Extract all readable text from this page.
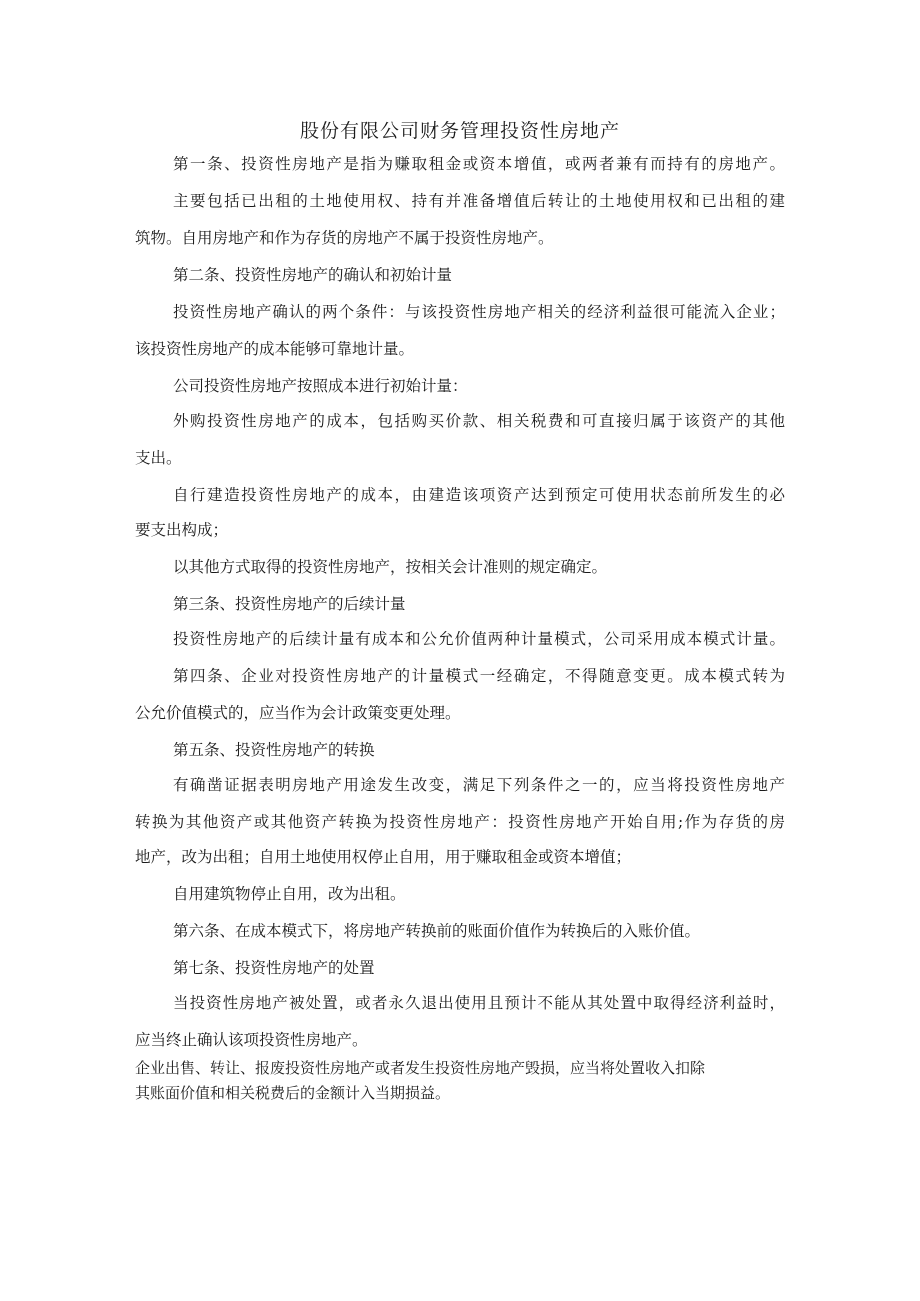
股份有限公司财务管理投资性房地产
第一条、投资性房地产是指为赚取租金或资本增值，或两者兼有而持有的房地产。
主要包括已出租的土地使用权、持有并准备增值后转让的土地使用权和已出租的建
筑物。自用房地产和作为存货的房地产不属于投资性房地产。
第二条、投资性房地产的确认和初始计量
投资性房地产确认的两个条件：与该投资性房地产相关的经济利益很可能流入企业；
该投资性房地产的成本能够可靠地计量。
公司投资性房地产按照成本进行初始计量：
外购投资性房地产的成本，包括购买价款、相关税费和可直接归属于该资产的其他
支出。
自行建造投资性房地产的成本，由建造该项资产达到预定可使用状态前所发生的必
要支出构成；
以其他方式取得的投资性房地产，按相关会计准则的规定确定。
第三条、投资性房地产的后续计量
投资性房地产的后续计量有成本和公允价值两种计量模式，公司采用成本模式计量。
第四条、企业对投资性房地产的计量模式一经确定，不得随意变更。成本模式转为
公允价值模式的，应当作为会计政策变更处理。
第五条、投资性房地产的转换
有确凿证据表明房地产用途发生改变，满足下列条件之一的，应当将投资性房地产
转换为其他资产或其他资产转换为投资性房地产：投资性房地产开始自用;作为存货的房
地产，改为出租；自用土地使用权停止自用，用于赚取租金或资本增值；
自用建筑物停止自用，改为出租。
第六条、在成本模式下，将房地产转换前的账面价值作为转换后的入账价值。
第七条、投资性房地产的处置
当投资性房地产被处置，或者永久退出使用且预计不能从其处置中取得经济利益时，
应当终止确认该项投资性房地产。
企业出售、转让、报废投资性房地产或者发生投资性房地产毁损，应当将处置收入扣除
其账面价值和相关税费后的金额计入当期损益。
